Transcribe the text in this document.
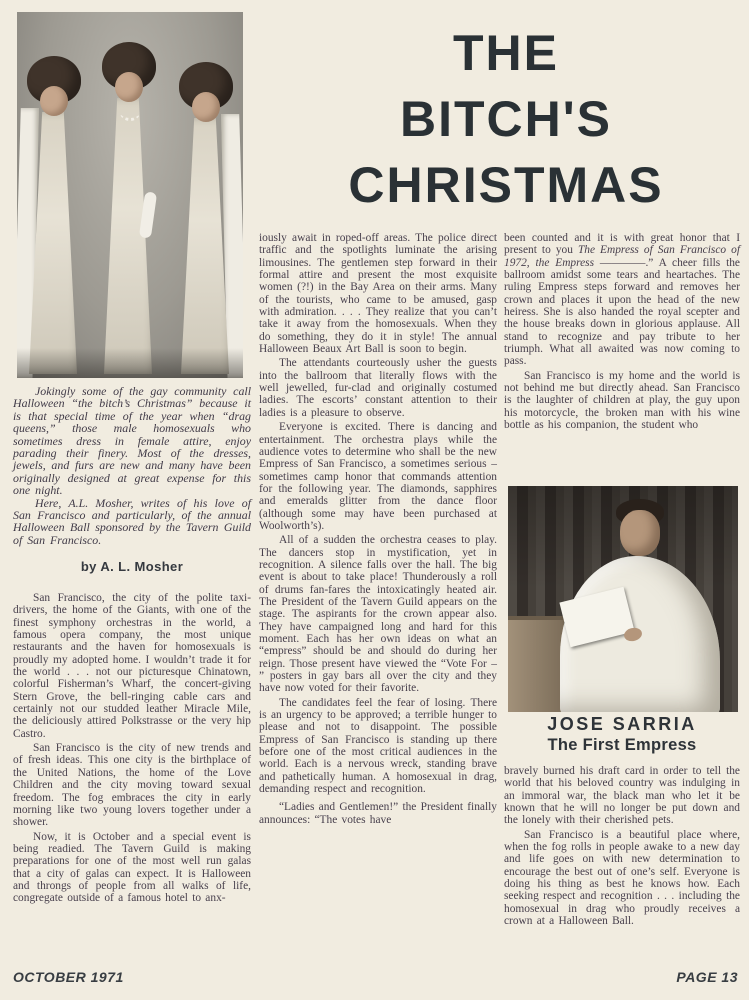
THE
BITCH'S
CHRISTMAS

Jokingly some of the gay community call Halloween “the bitch’s Christmas” because it is that special time of the year when “drag queens,” those male homosexuals who sometimes dress in female attire, enjoy parading their finery. Most of the dresses, jewels, and furs are new and many have been originally designed at great expense for this one night.

Here, A.L. Mosher, writes of his love of San Francisco and particularly, of the annual Halloween Ball sponsored by the Tavern Guild of San Francisco.

by A. L. Mosher

San Francisco, the city of the polite taxi-drivers, the home of the Giants, with one of the finest symphony orchestras in the world, a famous opera company, the most unique restaurants and the haven for homosexuals is proudly my adopted home. I wouldn’t trade it for the world . . . not our picturesque Chinatown, colorful Fisherman’s Wharf, the concert-giving Stern Grove, the bell-ringing cable cars and certainly not our studded leather Miracle Mile, the deliciously attired Polkstrasse or the very hip Castro.

San Francisco is the city of new trends and of fresh ideas. This one city is the birthplace of the United Nations, the home of the Love Children and the city moving toward sexual freedom. The fog embraces the city in early morning like two young lovers together under a shower.

Now, it is October and a special event is being readied. The Tavern Guild is making preparations for one of the most well run galas that a city of galas can expect. It is Halloween and throngs of people from all walks of life, congregate outside of a famous hotel to anx-

iously await in roped-off areas. The police direct traffic and the spotlights luminate the arising limousines. The gentlemen step forward in their formal attire and present the most exquisite women (?!) in the Bay Area on their arms. Many of the tourists, who came to be amused, gasp with admiration. . . . They realize that you can’t take it away from the homosexuals. When they do something, they do it in style! The annual Halloween Beaux Art Ball is soon to begin.

The attendants courteously usher the guests into the ballroom that literally flows with the well jewelled, fur-clad and originally costumed ladies. The escorts’ constant attention to their ladies is a pleasure to observe.

Everyone is excited. There is dancing and entertainment. The orchestra plays while the audience votes to determine who shall be the new Empress of San Francisco, a sometimes serious – sometimes camp honor that commands attention for the following year. The diamonds, sapphires and emeralds glitter from the dance floor (although some may have been purchased at Woolworth’s).

All of a sudden the orchestra ceases to play. The dancers stop in mystification, yet in recognition. A silence falls over the hall. The big event is about to take place! Thunderously a roll of drums fan-fares the intoxicatingly heated air. The President of the Tavern Guild appears on the stage. The aspirants for the crown appear also. They have campaigned long and hard for this moment. Each has her own ideas on what an “empress” should be and should do during her reign. Those present have viewed the “Vote For – ” posters in gay bars all over the city and they have now voted for their favorite.

The candidates feel the fear of losing. There is an urgency to be approved; a terrible hunger to please and not to disappoint. The possible Empress of San Francisco is standing up there before one of the most critical audiences in the world. Each is a nervous wreck, standing brave and pathetically human. A homosexual in drag, demanding respect and recognition.

“Ladies and Gentlemen!” the President finally announces: “The votes have

been counted and it is with great honor that I present to you The Empress of San Francisco of 1972, the Empress ————.” A cheer fills the ballroom amidst some tears and heartaches. The ruling Empress steps forward and removes her crown and places it upon the head of the new heiress. She is also handed the royal scepter and the house breaks down in glorious applause. All stand to recognize and pay tribute to her triumph. What all awaited was now coming to pass.

San Francisco is my home and the world is not behind me but directly ahead. San Francisco is the laughter of children at play, the guy upon his motorcycle, the broken man with his wine bottle as his companion, the student who

JOSE SARRIA
The First Empress

bravely burned his draft card in order to tell the world that his beloved country was indulging in an immoral war, the black man who let it be known that he will no longer be put down and the lonely with their cherished pets.

San Francisco is a beautiful place where, when the fog rolls in people awake to a new day and life goes on with new determination to encourage the best out of one’s self. Everyone is doing his thing as best he knows how. Each seeking respect and recognition . . . including the homosexual in drag who proudly receives a crown at a Halloween Ball.

OCTOBER 1971	PAGE 13
